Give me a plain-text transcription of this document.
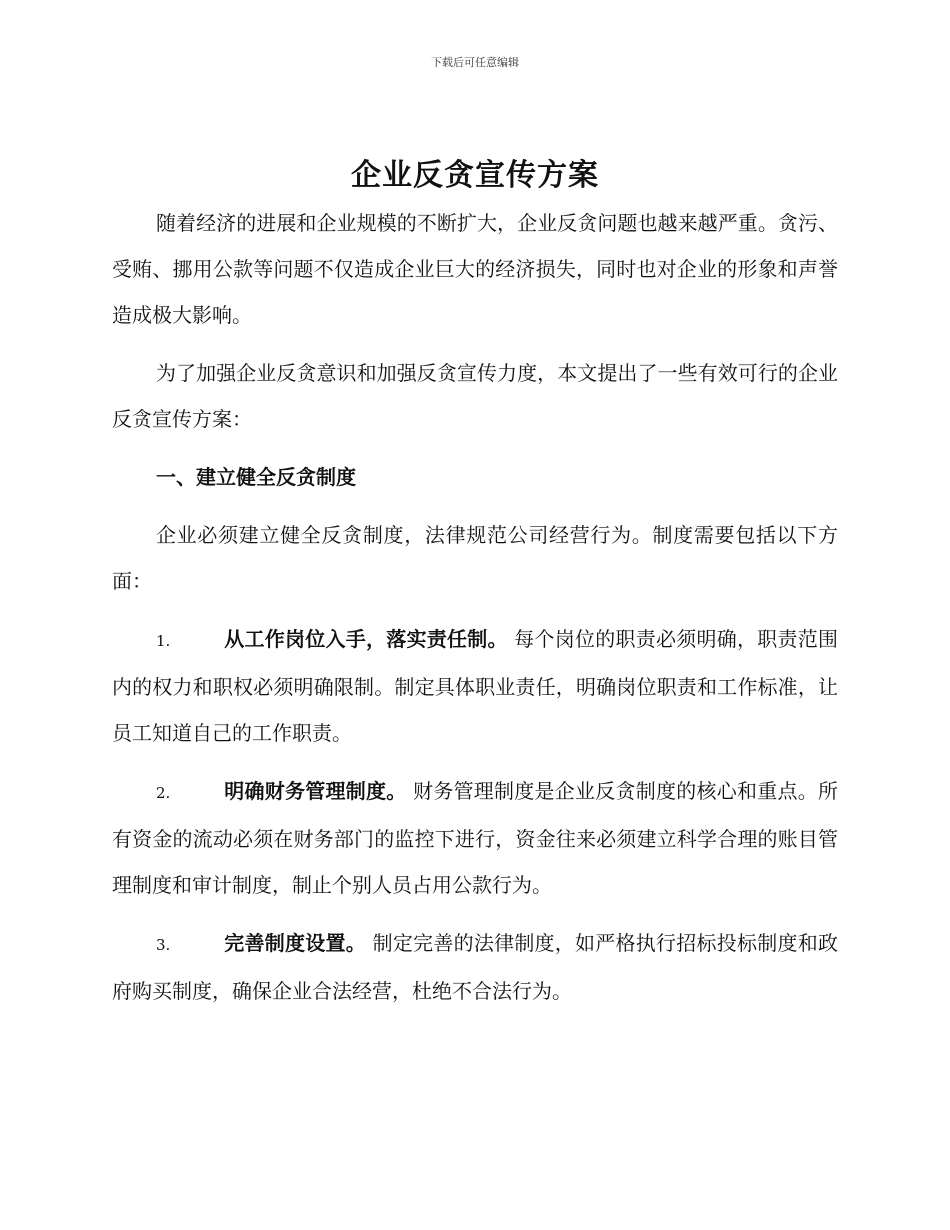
下载后可任意编辑
企业反贪宣传方案

随着经济的进展和企业规模的不断扩大，企业反贪问题也越来越严重。贪污、受贿、挪用公款等问题不仅造成企业巨大的经济损失，同时也对企业的形象和声誉造成极大影响。

为了加强企业反贪意识和加强反贪宣传力度，本文提出了一些有效可行的企业反贪宣传方案：

一、建立健全反贪制度

企业必须建立健全反贪制度，法律规范公司经营行为。制度需要包括以下方面：

1.	从工作岗位入手，落实责任制。 每个岗位的职责必须明确，职责范围内的权力和职权必须明确限制。制定具体职业责任，明确岗位职责和工作标准，让员工知道自己的工作职责。

2.	明确财务管理制度。 财务管理制度是企业反贪制度的核心和重点。所有资金的流动必须在财务部门的监控下进行，资金往来必须建立科学合理的账目管理制度和审计制度，制止个别人员占用公款行为。

3.	完善制度设置。 制定完善的法律制度，如严格执行招标投标制度和政府购买制度，确保企业合法经营，杜绝不合法行为。
